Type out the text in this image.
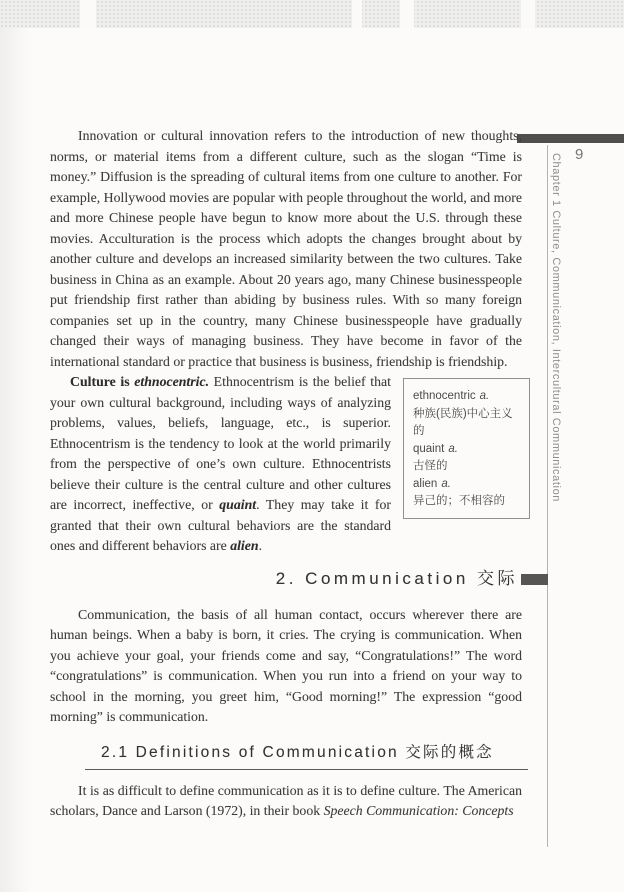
Chapter 1 Culture, Communication, Intercultural Communication 9
Innovation or cultural innovation refers to the introduction of new thoughts, norms, or material items from a different culture, such as the slogan “Time is money.” Diffusion is the spreading of cultural items from one culture to another. For example, Hollywood movies are popular with people throughout the world, and more and more Chinese people have begun to know more about the U.S. through these movies. Acculturation is the process which adopts the changes brought about by another culture and develops an increased similarity between the two cultures. Take business in China as an example. About 20 years ago, many Chinese businesspeople put friendship first rather than abiding by business rules. With so many foreign companies set up in the country, many Chinese businesspeople have gradually changed their ways of managing business. They have become in favor of the international standard or practice that business is business, friendship is friendship.
ethnocentric a.
种族(民族)中心主义的
quaint a.
古怪的
alien a.
异己的；不相容的
Culture is ethnocentric. Ethnocentrism is the belief that your own cultural background, including ways of analyzing problems, values, beliefs, language, etc., is superior. Ethnocentrism is the tendency to look at the world primarily from the perspective of one’s own culture. Ethnocentrists believe their culture is the central culture and other cultures are incorrect, ineffective, or quaint. They may take it for granted that their own cultural behaviors are the standard ones and different behaviors are alien.
2. Communication 交际
Communication, the basis of all human contact, occurs wherever there are human beings. When a baby is born, it cries. The crying is communication. When you achieve your goal, your friends come and say, “Congratulations!” The word “congratulations” is communication. When you run into a friend on your way to school in the morning, you greet him, “Good morning!” The expression “good morning” is communication.
2.1 Definitions of Communication 交际的概念
It is as difficult to define communication as it is to define culture. The American scholars, Dance and Larson (1972), in their book Speech Communication: Concepts
